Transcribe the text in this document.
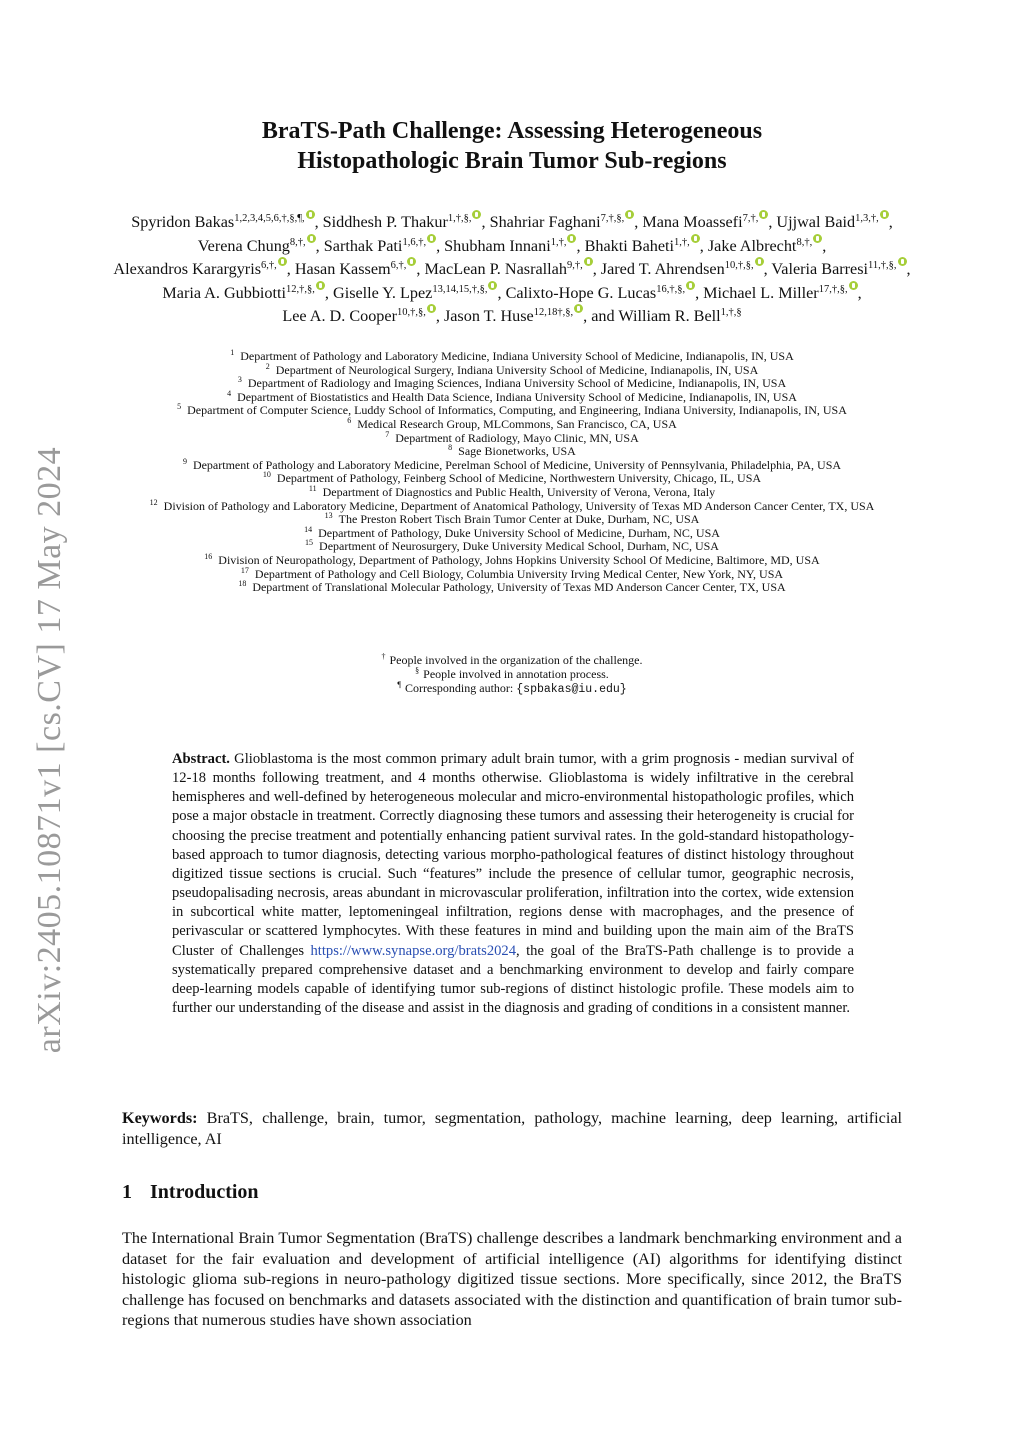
arXiv:2405.10871v1 [cs.CV] 17 May 2024
BraTS-Path Challenge: Assessing Heterogeneous
Histopathologic Brain Tumor Sub-regions
Spyridon Bakas$^{1,2,3,4,5,6,\dagger,\S,\P,}$ , Siddhesh P. Thakur$^{1,\dagger,\S,}$ , Shahriar Faghani$^{7,\dagger,\S,}$ , Mana Moassefi$^{7,\dagger,}$ , Ujjwal Baid$^{1,3,\dagger,}$ , Verena Chung$^{8,\dagger,}$ , Sarthak Pati$^{1,6,\dagger,}$ , Shubham Innani$^{1,\dagger,}$ , Bhakti Baheti$^{1,\dagger,}$ , Jake Albrecht$^{8,\dagger,}$ , Alexandros Karargyris$^{6,\dagger,}$ , Hasan Kassem$^{6,\dagger,}$ , MacLean P. Nasrallah$^{9,\dagger,}$ , Jared T. Ahrendsen$^{10,\dagger,\S,}$ , Valeria Barresi$^{11,\dagger,\S,}$ , Maria A. Gubbiotti$^{12,\dagger,\S,}$ , Giselle Y. Lpez$^{13,14,15,\dagger,\S,}$ , Calixto-Hope G. Lucas$^{16,\dagger,\S,}$ , Michael L. Miller$^{17,\dagger,\S,}$ , Lee A. D. Cooper$^{10,\dagger,\S,}$ , Jason T. Huse$^{12,18\dagger,\S,}$ , and William R. Bell$^{1,\dagger,\S}$
$^1$ Department of Pathology and Laboratory Medicine, Indiana University School of Medicine, Indianapolis, IN, USA
$^2$ Department of Neurological Surgery, Indiana University School of Medicine, Indianapolis, IN, USA
$^3$ Department of Radiology and Imaging Sciences, Indiana University School of Medicine, Indianapolis, IN, USA
$^4$ Department of Biostatistics and Health Data Science, Indiana University School of Medicine, Indianapolis, IN, USA
$^5$ Department of Computer Science, Luddy School of Informatics, Computing, and Engineering, Indiana University, Indianapolis, IN, USA
$^6$ Medical Research Group, MLCommons, San Francisco, CA, USA
$^7$ Department of Radiology, Mayo Clinic, MN, USA
$^8$ Sage Bionetworks, USA
$^9$ Department of Pathology and Laboratory Medicine, Perelman School of Medicine, University of Pennsylvania, Philadelphia, PA, USA
$^{10}$ Department of Pathology, Feinberg School of Medicine, Northwestern University, Chicago, IL, USA
$^{11}$ Department of Diagnostics and Public Health, University of Verona, Verona, Italy
$^{12}$ Division of Pathology and Laboratory Medicine, Department of Anatomical Pathology, University of Texas MD Anderson Cancer Center, TX, USA
$^{13}$ The Preston Robert Tisch Brain Tumor Center at Duke, Durham, NC, USA
$^{14}$ Department of Pathology, Duke University School of Medicine, Durham, NC, USA
$^{15}$ Department of Neurosurgery, Duke University Medical School, Durham, NC, USA
$^{16}$ Division of Neuropathology, Department of Pathology, Johns Hopkins University School Of Medicine, Baltimore, MD, USA
$^{17}$ Department of Pathology and Cell Biology, Columbia University Irving Medical Center, New York, NY, USA
$^{18}$ Department of Translational Molecular Pathology, University of Texas MD Anderson Cancer Center, TX, USA
† People involved in the organization of the challenge.
§ People involved in annotation process.
¶ Corresponding author: {spbakas@iu.edu}
Abstract. Glioblastoma is the most common primary adult brain tumor, with a grim prognosis - median survival of 12-18 months following treatment, and 4 months otherwise. Glioblastoma is widely infiltrative in the cerebral hemispheres and well-defined by heterogeneous molecular and micro-environmental histopathologic profiles, which pose a major obstacle in treatment. Correctly diagnosing these tumors and assessing their heterogeneity is crucial for choosing the precise treatment and potentially enhancing patient survival rates. In the gold-standard histopathology-based approach to tumor diagnosis, detecting various morpho-pathological features of distinct histology throughout digitized tissue sections is crucial. Such “features” include the presence of cellular tumor, geographic necrosis, pseudopalisading necrosis, areas abundant in microvascular proliferation, infiltration into the cortex, wide extension in subcortical white matter, leptomeningeal infiltration, regions dense with macrophages, and the presence of perivascular or scattered lymphocytes. With these features in mind and building upon the main aim of the BraTS Cluster of Challenges https://www.synapse.org/brats2024, the goal of the BraTS-Path challenge is to provide a systematically prepared comprehensive dataset and a benchmarking environment to develop and fairly compare deep-learning models capable of identifying tumor sub-regions of distinct histologic profile. These models aim to further our understanding of the disease and assist in the diagnosis and grading of conditions in a consistent manner.
Keywords: BraTS, challenge, brain, tumor, segmentation, pathology, machine learning, deep learning, artificial intelligence, AI
1 Introduction
The International Brain Tumor Segmentation (BraTS) challenge describes a landmark benchmarking environment and a dataset for the fair evaluation and development of artificial intelligence (AI) algorithms for identifying distinct histologic glioma sub-regions in neuro-pathology digitized tissue sections. More specifically, since 2012, the BraTS challenge has focused on benchmarks and datasets associated with the distinction and quantification of brain tumor sub-regions that numerous studies have shown association
